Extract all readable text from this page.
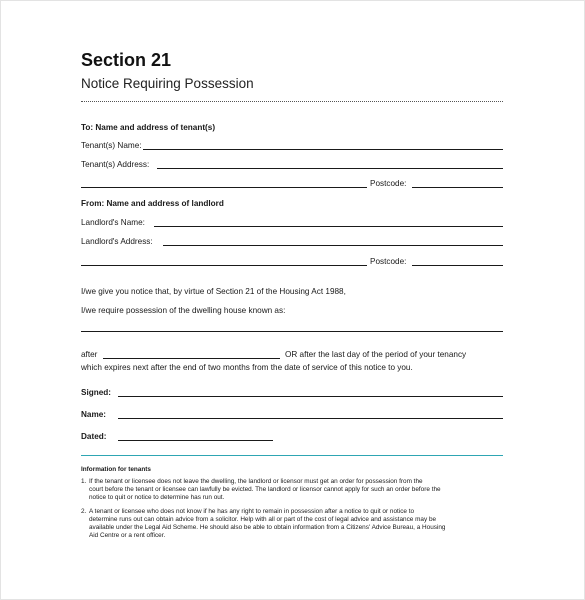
Section 21
Notice Requiring Possession
To: Name and address of tenant(s)
Tenant(s) Name:
Tenant(s) Address:
Postcode:
From: Name and address of landlord
Landlord's Name:
Landlord's Address:
Postcode:
I/we give you notice that, by virtue of Section 21 of the Housing Act 1988,
I/we require possession of the dwelling house known as:
after	OR after the last day of the period of your tenancy
which expires next after the end of two months from the date of service of this notice to you.
Signed:
Name:
Dated:
Information for tenants
1. If the tenant or licensee does not leave the dwelling, the landlord or licensor must get an order for possession from the
court before the tenant or licensee can lawfully be evicted. The landlord or licensor cannot apply for such an order before the
notice to quit or notice to determine has run out.
2. A tenant or licensee who does not know if he has any right to remain in possession after a notice to quit or notice to
determine runs out can obtain advice from a solicitor. Help with all or part of the cost of legal advice and assistance may be
available under the Legal Aid Scheme. He should also be able to obtain information from a Citizens' Advice Bureau, a Housing
Aid Centre or a rent officer.
